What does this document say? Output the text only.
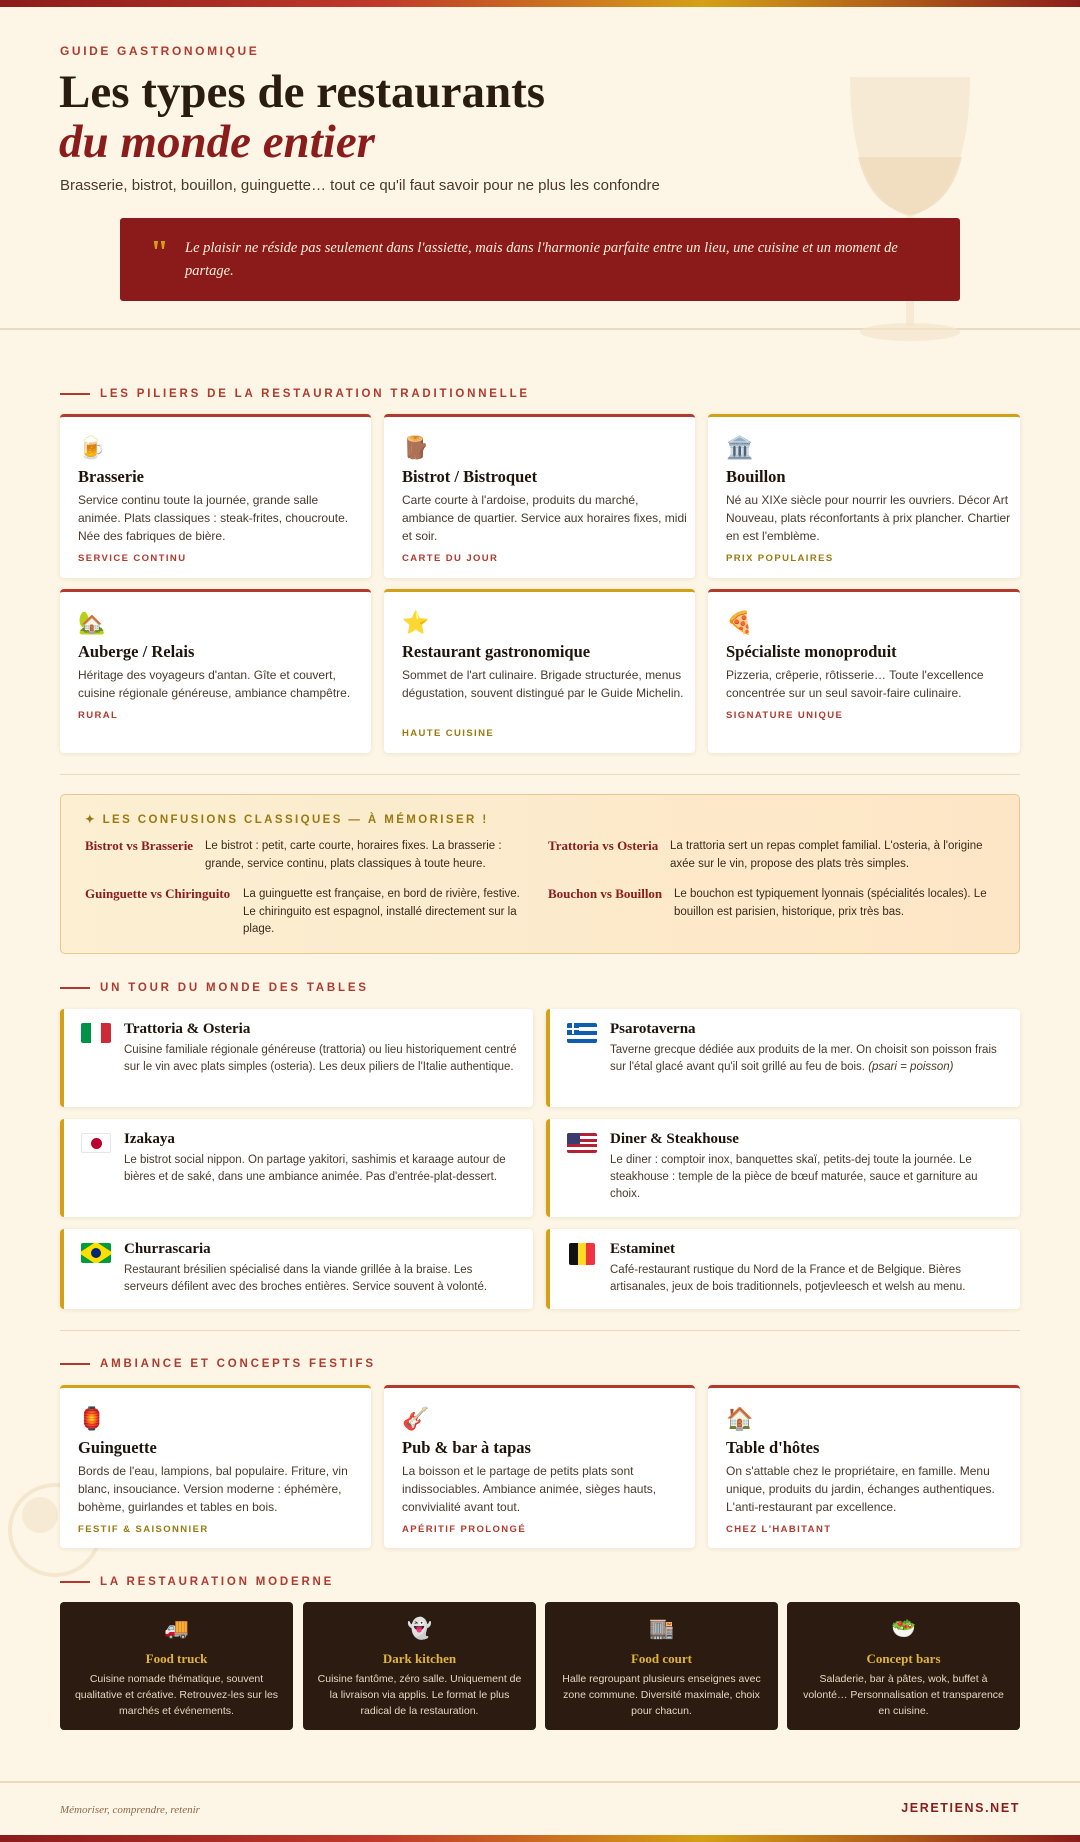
GUIDE GASTRONOMIQUE
Les types de restaurants
du monde entier
Brasserie, bistrot, bouillon, guinguette… tout ce qu'il faut savoir pour ne plus les confondre
" Le plaisir ne réside pas seulement dans l'assiette, mais dans l'harmonie parfaite entre un lieu, une cuisine et un moment de partage.
LES PILIERS DE LA RESTAURATION TRADITIONNELLE
🍺
Brasserie
Service continu toute la journée, grande salle animée. Plats classiques : steak-frites, choucroute. Née des fabriques de bière.
SERVICE CONTINU
🪵
Bistrot / Bistroquet
Carte courte à l'ardoise, produits du marché, ambiance de quartier. Service aux horaires fixes, midi et soir.
CARTE DU JOUR
🏛️
Bouillon
Né au XIXe siècle pour nourrir les ouvriers. Décor Art Nouveau, plats réconfortants à prix plancher. Chartier en est l'emblème.
PRIX POPULAIRES
🏡
Auberge / Relais
Héritage des voyageurs d'antan. Gîte et couvert, cuisine régionale généreuse, ambiance champêtre.
RURAL
⭐
Restaurant gastronomique
Sommet de l'art culinaire. Brigade structurée, menus dégustation, souvent distingué par le Guide Michelin.
HAUTE CUISINE
🍕
Spécialiste monoproduit
Pizzeria, crêperie, rôtisserie… Toute l'excellence concentrée sur un seul savoir-faire culinaire.
SIGNATURE UNIQUE
✦ LES CONFUSIONS CLASSIQUES — À MÉMORISER !
Bistrot vs Brasserie Le bistrot : petit, carte courte, horaires fixes. La brasserie : grande, service continu, plats classiques à toute heure.
Trattoria vs Osteria La trattoria sert un repas complet familial. L'osteria, à l'origine axée sur le vin, propose des plats très simples.
Guinguette vs Chiringuito La guinguette est française, en bord de rivière, festive. Le chiringuito est espagnol, installé directement sur la plage.
Bouchon vs Bouillon Le bouchon est typiquement lyonnais (spécialités locales). Le bouillon est parisien, historique, prix très bas.
UN TOUR DU MONDE DES TABLES
Trattoria & Osteria
Cuisine familiale régionale généreuse (trattoria) ou lieu historiquement centré sur le vin avec plats simples (osteria). Les deux piliers de l'Italie authentique.
Psarotaverna
Taverne grecque dédiée aux produits de la mer. On choisit son poisson frais sur l'étal glacé avant qu'il soit grillé au feu de bois. (psari = poisson)
Izakaya
Le bistrot social nippon. On partage yakitori, sashimis et karaage autour de bières et de saké, dans une ambiance animée. Pas d'entrée-plat-dessert.
Diner & Steakhouse
Le diner : comptoir inox, banquettes skaï, petits-dej toute la journée. Le steakhouse : temple de la pièce de bœuf maturée, sauce et garniture au choix.
Churrascaria
Restaurant brésilien spécialisé dans la viande grillée à la braise. Les serveurs défilent avec des broches entières. Service souvent à volonté.
Estaminet
Café-restaurant rustique du Nord de la France et de Belgique. Bières artisanales, jeux de bois traditionnels, potjevleesch et welsh au menu.
AMBIANCE ET CONCEPTS FESTIFS
🏮
Guinguette
Bords de l'eau, lampions, bal populaire. Friture, vin blanc, insouciance. Version moderne : éphémère, bohème, guirlandes et tables en bois.
FESTIF & SAISONNIER
🎸
Pub & bar à tapas
La boisson et le partage de petits plats sont indissociables. Ambiance animée, sièges hauts, convivialité avant tout.
APÉRITIF PROLONGÉ
🏠
Table d'hôtes
On s'attable chez le propriétaire, en famille. Menu unique, produits du jardin, échanges authentiques. L'anti-restaurant par excellence.
CHEZ L'HABITANT
LA RESTAURATION MODERNE
🚚
Food truck
Cuisine nomade thématique, souvent qualitative et créative. Retrouvez-les sur les marchés et événements.
👻
Dark kitchen
Cuisine fantôme, zéro salle. Uniquement de la livraison via applis. Le format le plus radical de la restauration.
🏬
Food court
Halle regroupant plusieurs enseignes avec zone commune. Diversité maximale, choix pour chacun.
🥗
Concept bars
Saladerie, bar à pâtes, wok, buffet à volonté… Personnalisation et transparence en cuisine.
Mémoriser, comprendre, retenir	JERETIENS.NET
